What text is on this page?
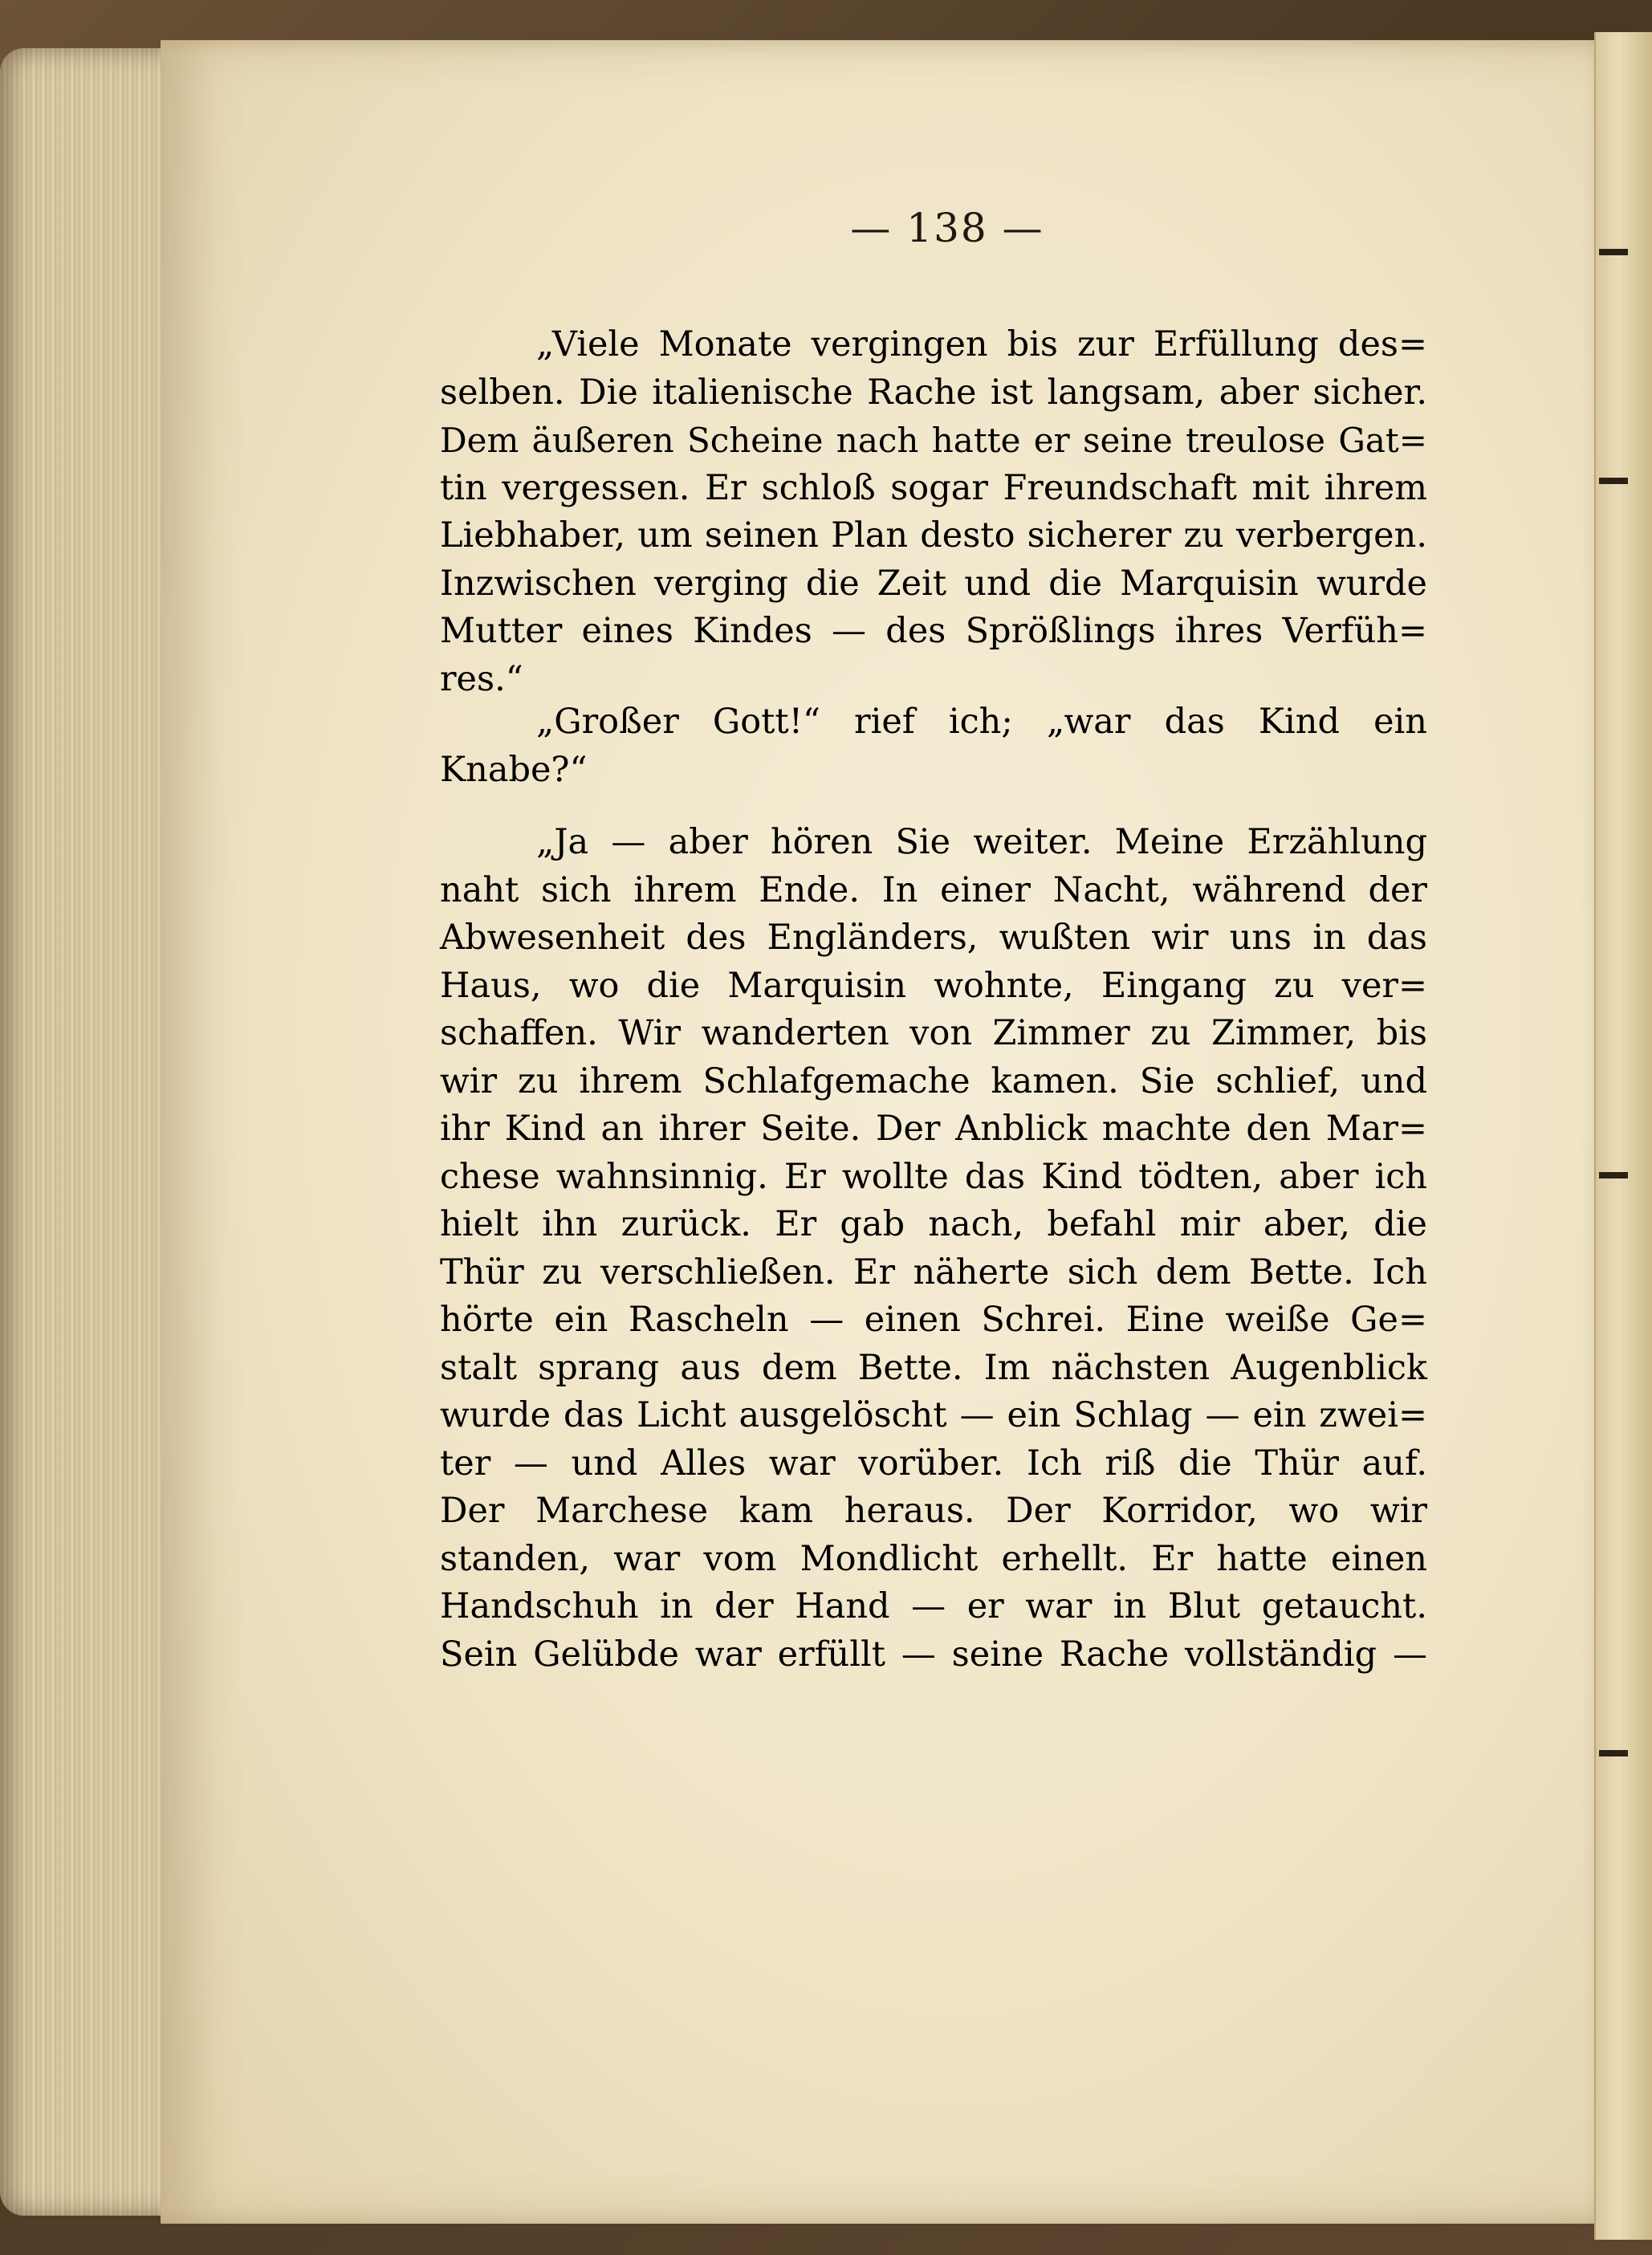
— 138 —
„Viele Monate vergingen bis zur Erfüllung des=
selben. Die italienische Rache ist langsam, aber sicher.
Dem äußeren Scheine nach hatte er seine treulose Gat=
tin vergessen. Er schloß sogar Freundschaft mit ihrem
Liebhaber, um seinen Plan desto sicherer zu verbergen.
Inzwischen verging die Zeit und die Marquisin wurde
Mutter eines Kindes — des Sprößlings ihres Verfüh=
res.“
„Großer Gott!“ rief ich; „war das Kind ein
Knabe?“
„Ja — aber hören Sie weiter. Meine Erzählung
naht sich ihrem Ende. In einer Nacht, während der
Abwesenheit des Engländers, wußten wir uns in das
Haus, wo die Marquisin wohnte, Eingang zu ver=
schaffen. Wir wanderten von Zimmer zu Zimmer, bis
wir zu ihrem Schlafgemache kamen. Sie schlief, und
ihr Kind an ihrer Seite. Der Anblick machte den Mar=
chese wahnsinnig. Er wollte das Kind tödten, aber ich
hielt ihn zurück. Er gab nach, befahl mir aber, die
Thür zu verschließen. Er näherte sich dem Bette. Ich
hörte ein Rascheln — einen Schrei. Eine weiße Ge=
stalt sprang aus dem Bette. Im nächsten Augenblick
wurde das Licht ausgelöscht — ein Schlag — ein zwei=
ter — und Alles war vorüber. Ich riß die Thür auf.
Der Marchese kam heraus. Der Korridor, wo wir
standen, war vom Mondlicht erhellt. Er hatte einen
Handschuh in der Hand — er war in Blut getaucht.
Sein Gelübde war erfüllt — seine Rache vollständig —
